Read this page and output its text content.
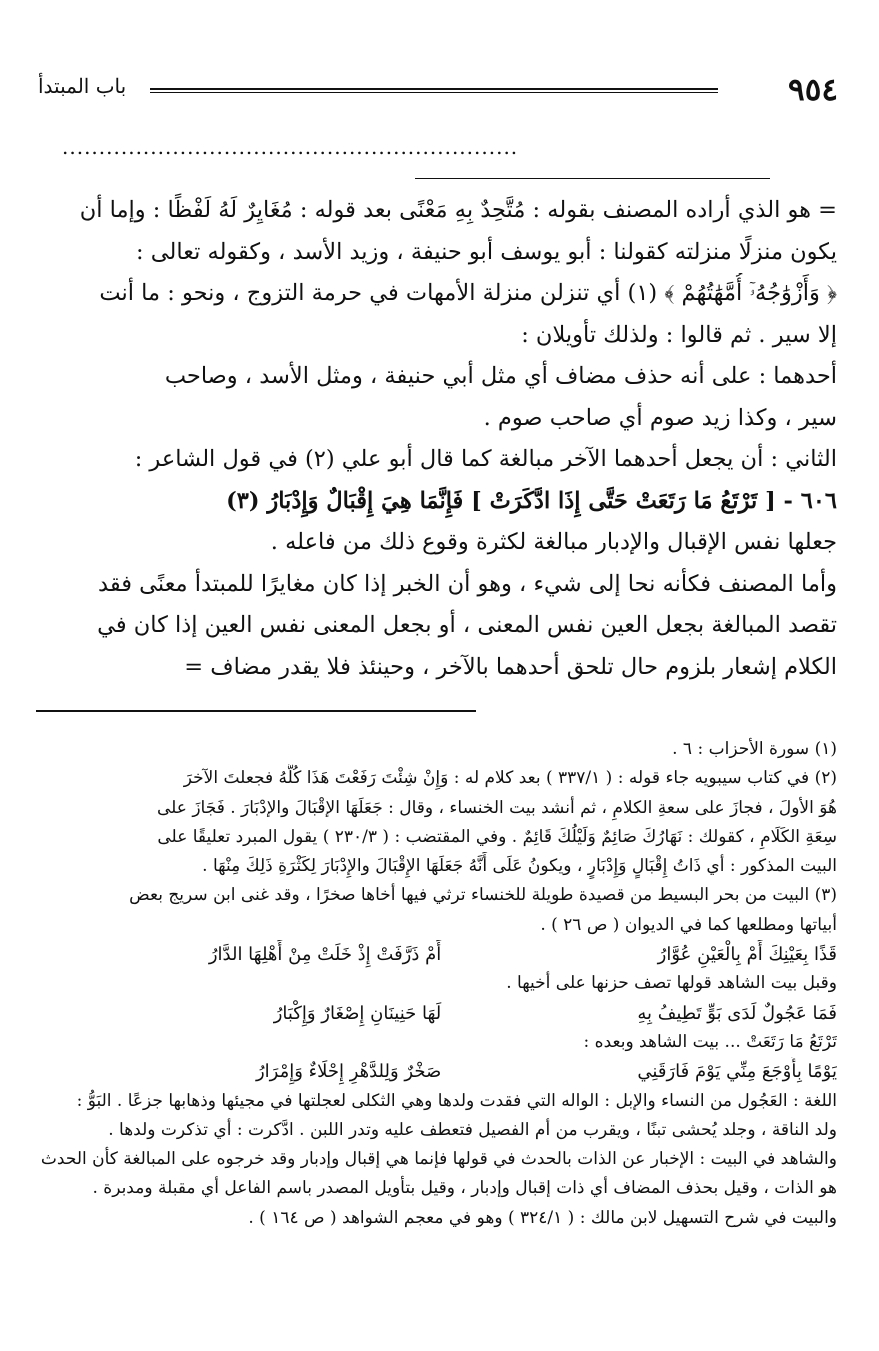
٩٥٤
باب المبتدأ
..............................................................
= هو الذي أراده المصنف بقوله : مُتَّحِدٌ بِهِ مَعْنًى بعد قوله : مُغَايِرٌ لَهُ لَفْظًا : وإما أن
يكون منزلًا منزلته كقولنا : أبو يوسف أبو حنيفة ، وزيد الأسد ، وكقوله تعالى :
﴿ وَأَزْوَٰجُهُۥٓ أُمَّهَٰتُهُمْ ﴾ (١) أي تنزلن منزلة الأمهات في حرمة التزوج ، ونحو : ما أنت
إلا سير . ثم قالوا : ولذلك تأويلان :
أحدهما : على أنه حذف مضاف أي مثل أبي حنيفة ، ومثل الأسد ، وصاحب
سير ، وكذا زيد صوم أي صاحب صوم .
الثاني : أن يجعل أحدهما الآخر مبالغة كما قال أبو علي (٢) في قول الشاعر :
٦٠٦ - [ تَرْتَعُ مَا رَتَعَتْ حَتَّى إِذَا ادَّكَرَتْ ] فَإِنَّمَا هِيَ إِقْبَالٌ وَإِدْبَارُ (٣)
جعلها نفس الإقبال والإدبار مبالغة لكثرة وقوع ذلك من فاعله .
وأما المصنف فكأنه نحا إلى شيء ، وهو أن الخبر إذا كان مغايرًا للمبتدأ معنًى فقد
تقصد المبالغة بجعل العين نفس المعنى ، أو بجعل المعنى نفس العين إذا كان في
الكلام إشعار بلزوم حال تلحق أحدهما بالآخر ، وحينئذ فلا يقدر مضاف =
(١) سورة الأحزاب : ٦ .
(٢) في كتاب سيبويه جاء قوله : ( ٣٣٧/١ ) بعد كلام له : وَإِنْ شِئْتَ رَفَعْتَ هَذَا كُلَّهُ فجعلتَ الآخرَ
هُوَ الأولَ ، فجازَ على سعةِ الكلامِ ، ثم أنشد بيت الخنساء ، وقال : جَعَلَهَا الإقْبَالَ والإدْبَارَ . فَجَازَ على
سِعَةِ الكَلَامِ ، كقولك : نَهَارُكَ صَائِمٌ وَلَيْلُكَ قَائِمٌ . وفي المقتضب : ( ٢٣٠/٣ ) يقول المبرد تعليقًا على
البيت المذكور : أي ذَاتُ إِقْبَالٍ وَإِدْبَارٍ ، ويكونُ عَلَى أَنَّهُ جَعَلَهَا الإِقْبَالَ والإِدْبَارَ لِكَثْرَةِ ذَلِكَ مِنْهَا .
(٣) البيت من بحر البسيط من قصيدة طويلة للخنساء ترثي فيها أخاها صخرًا ، وقد غنى ابن سريج بعض
أبياتها ومطلعها كما في الديوان ( ص ٢٦ ) .
قَذًا بِعَيْنِكَ أَمْ بِالْعَيْنِ عُوَّارُ أَمْ ذَرَّفَتْ إِذْ خَلَتْ مِنْ أَهْلِهَا الدَّارُ
وقبل بيت الشاهد قولها تصف حزنها على أخيها .
فَمَا عَجُولٌ لَدَى بَوٍّ تَطِيفُ بِهِ لَهَا حَنِينَانِ إِصْغَارٌ وَإِكْبَارُ
تَرْتَعُ مَا رَتَعَتْ ... بيت الشاهد وبعده :
يَوْمًا بِأَوْجَعَ مِنِّي يَوْمَ فَارَقَنِي صَخْرٌ وَلِلدَّهْرِ إِحْلَاءٌ وَإِمْرَارُ
اللغة : العَجُول من النساء والإبل : الواله التي فقدت ولدها وهي الثكلى لعجلتها في مجيئها وذهابها جزعًا . البَوُّ :
ولد الناقة ، وجلد يُحشى تبنًا ، ويقرب من أم الفصيل فتعطف عليه وتدر اللبن . ادَّكرت : أي تذكرت ولدها .
والشاهد في البيت : الإخبار عن الذات بالحدث في قولها فإنما هي إقبال وإدبار وقد خرجوه على المبالغة كأن الحدث
هو الذات ، وقيل بحذف المضاف أي ذات إقبال وإدبار ، وقيل بتأويل المصدر باسم الفاعل أي مقبلة ومدبرة .
والبيت في شرح التسهيل لابن مالك : ( ٣٢٤/١ ) وهو في معجم الشواهد ( ص ١٦٤ ) .
